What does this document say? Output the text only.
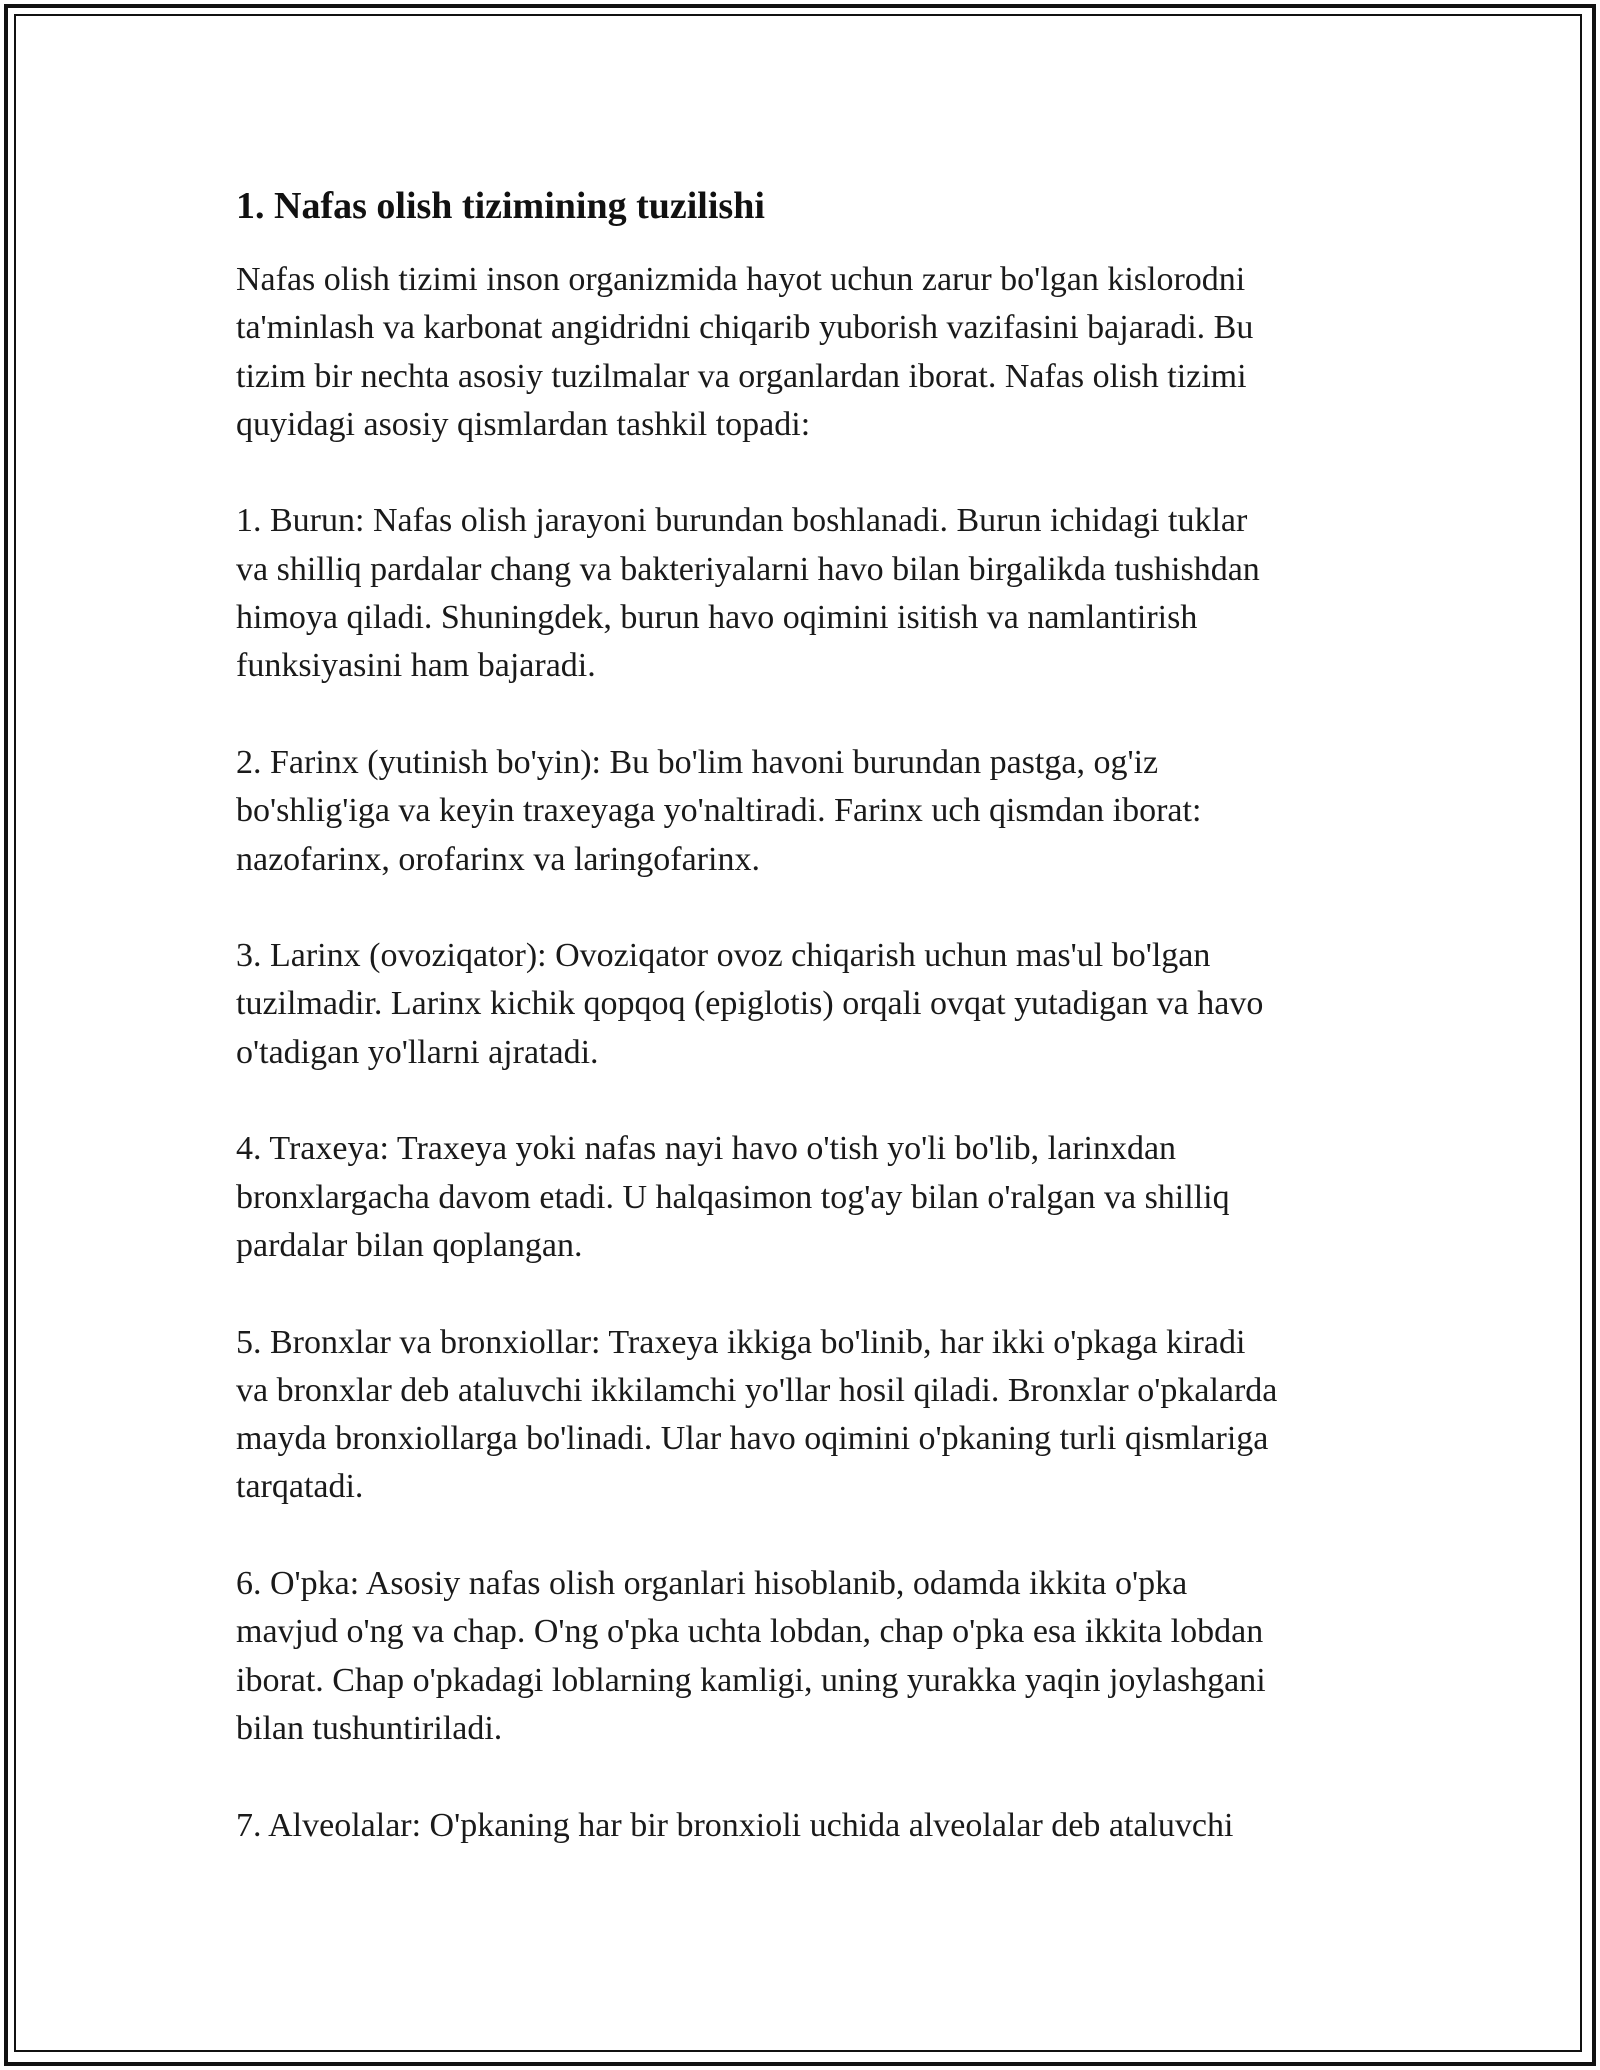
1. Nafas olish tizimining tuzilishi

Nafas olish tizimi inson organizmida hayot uchun zarur bo'lgan kislorodni
ta'minlash va karbonat angidridni chiqarib yuborish vazifasini bajaradi. Bu
tizim bir nechta asosiy tuzilmalar va organlardan iborat. Nafas olish tizimi
quyidagi asosiy qismlardan tashkil topadi:

1. Burun: Nafas olish jarayoni burundan boshlanadi. Burun ichidagi tuklar
va shilliq pardalar chang va bakteriyalarni havo bilan birgalikda tushishdan
himoya qiladi. Shuningdek, burun havo oqimini isitish va namlantirish
funksiyasini ham bajaradi.

2. Farinx (yutinish bo'yin): Bu bo'lim havoni burundan pastga, og'iz
bo'shlig'iga va keyin traxeyaga yo'naltiradi. Farinx uch qismdan iborat:
nazofarinx, orofarinx va laringofarinx.

3. Larinx (ovoziqator): Ovoziqator ovoz chiqarish uchun mas'ul bo'lgan
tuzilmadir. Larinx kichik qopqoq (epiglotis) orqali ovqat yutadigan va havo
o'tadigan yo'llarni ajratadi.

4. Traxeya: Traxeya yoki nafas nayi havo o'tish yo'li bo'lib, larinxdan
bronxlargacha davom etadi. U halqasimon tog'ay bilan o'ralgan va shilliq
pardalar bilan qoplangan.

5. Bronxlar va bronxiollar: Traxeya ikkiga bo'linib, har ikki o'pkaga kiradi
va bronxlar deb ataluvchi ikkilamchi yo'llar hosil qiladi. Bronxlar o'pkalarda
mayda bronxiollarga bo'linadi. Ular havo oqimini o'pkaning turli qismlariga
tarqatadi.

6. O'pka: Asosiy nafas olish organlari hisoblanib, odamda ikkita o'pka
mavjud o'ng va chap. O'ng o'pka uchta lobdan, chap o'pka esa ikkita lobdan
iborat. Chap o'pkadagi loblarning kamligi, uning yurakka yaqin joylashgani
bilan tushuntiriladi.

7. Alveolalar: O'pkaning har bir bronxioli uchida alveolalar deb ataluvchi
